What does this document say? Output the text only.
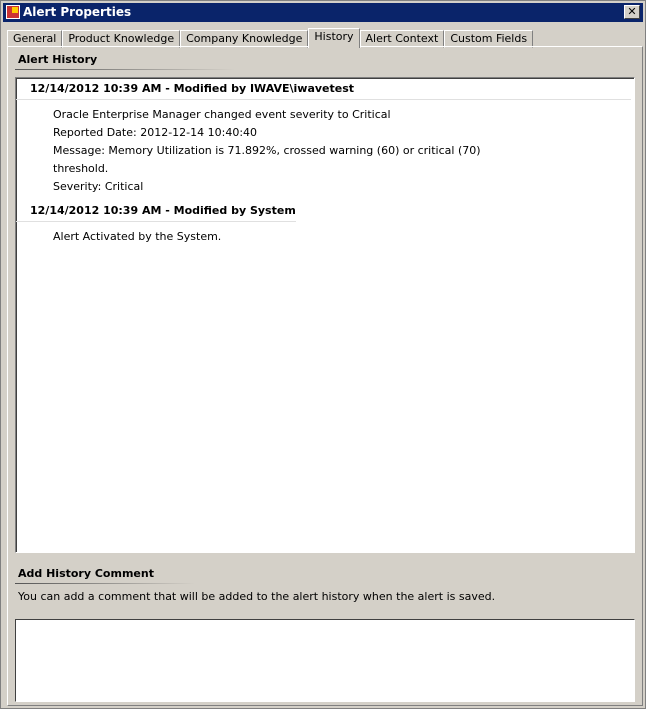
Alert Properties	✕
General	Product Knowledge	Company Knowledge	History	Alert Context	Custom Fields
Alert History
12/14/2012 10:39 AM - Modified by IWAVE\iwavetest
Oracle Enterprise Manager changed event severity to Critical
Reported Date: 2012-12-14 10:40:40
Message: Memory Utilization is 71.892%, crossed warning (60) or critical (70)
threshold.
Severity: Critical
12/14/2012 10:39 AM - Modified by System
Alert Activated by the System.
Add History Comment
You can add a comment that will be added to the alert history when the alert is saved.
